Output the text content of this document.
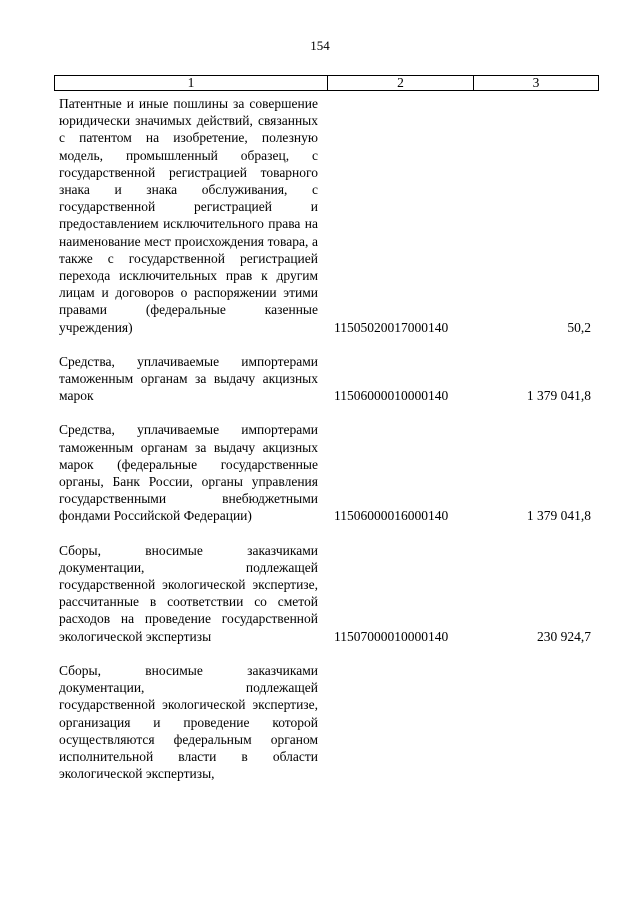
154
1	2	3

Патентные и иные пошлины за совершение юридически значимых действий, связанных с патентом на изобретение, полезную модель, промышленный образец, с государственной регистрацией товарного знака и знака обслуживания, с государственной регистрацией и предоставлением исключительного права на наименование мест происхождения товара, а также с государственной регистрацией перехода исключительных прав к другим лицам и договоров о распоряжении этими правами (федеральные казенные учреждения)	11505020017000140	50,2

Средства, уплачиваемые импортерами таможенным органам за выдачу акцизных марок	11506000010000140	1 379 041,8

Средства, уплачиваемые импортерами таможенным органам за выдачу акцизных марок (федеральные государственные органы, Банк России, органы управления государственными внебюджетными фондами Российской Федерации)	11506000016000140	1 379 041,8

Сборы, вносимые заказчиками документации, подлежащей государственной экологической экспертизе, рассчитанные в соответствии со сметой расходов на проведение государственной экологической экспертизы	11507000010000140	230 924,7

Сборы, вносимые заказчиками документации, подлежащей государственной экологической экспертизе, организация и проведение которой осуществляются федеральным органом исполнительной власти в области экологической экспертизы,
